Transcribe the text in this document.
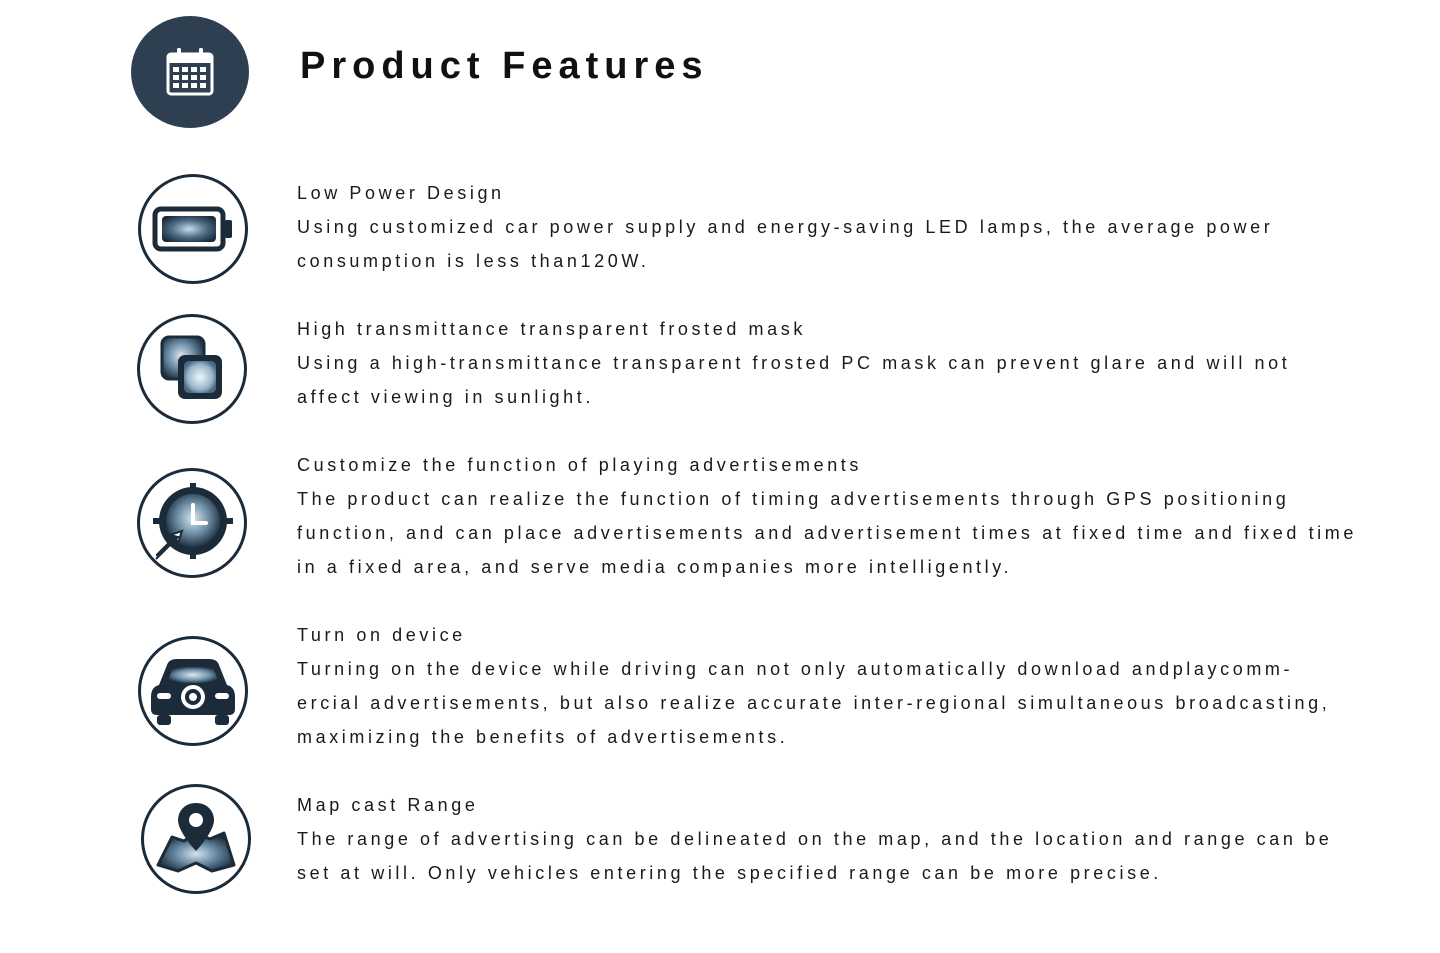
Product Features
Low Power Design
Using customized car power supply and energy-saving LED lamps, the average power consumption is less than120W.
High transmittance transparent frosted mask
Using a high-transmittance transparent frosted PC mask can prevent glare and will not affect viewing in sunlight.
Customize the function of playing advertisements
The product can realize the function of timing advertisements through GPS positioning function, and can place advertisements and advertisement times at fixed time and fixed time in a fixed area, and serve media companies more intelligently.
Turn on device
Turning on the device while driving can not only automatically download andplaycomm-ercial advertisements, but also realize accurate inter-regional simultaneous broadcasting, maximizing the benefits of advertisements.
Map cast Range
The range of advertising can be delineated on the map, and the location and range can be set at will. Only vehicles entering the specified range can be more precise.
